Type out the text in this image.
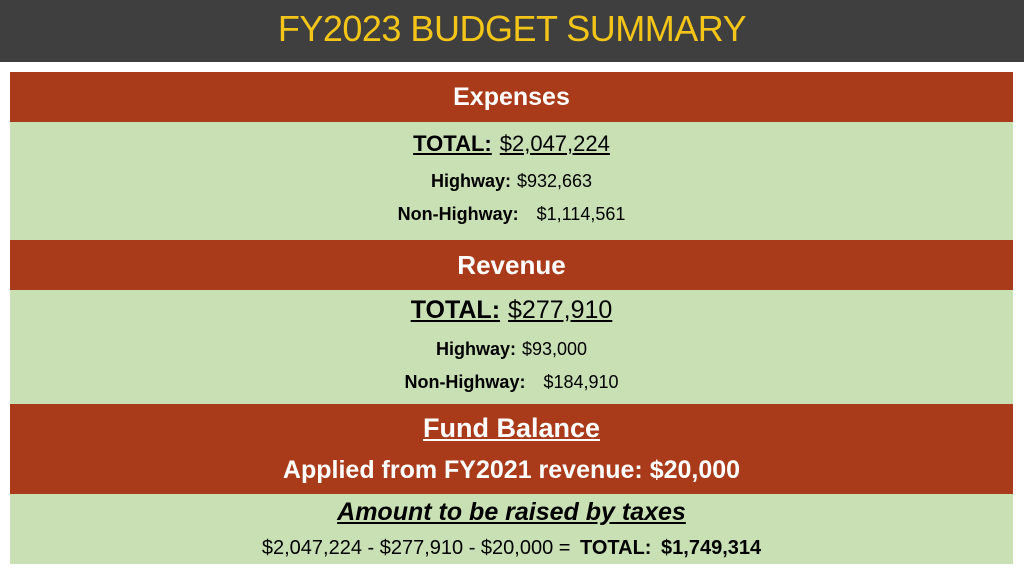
FY2023 BUDGET SUMMARY
Expenses
TOTAL: $2,047,224
Highway: $932,663
Non-Highway: $1,114,561
Revenue
TOTAL: $277,910
Highway: $93,000
Non-Highway: $184,910
Fund Balance
Applied from FY2021 revenue: $20,000
Amount to be raised by taxes
$2,047,224 - $277,910 - $20,000 = TOTAL: $1,749,314
